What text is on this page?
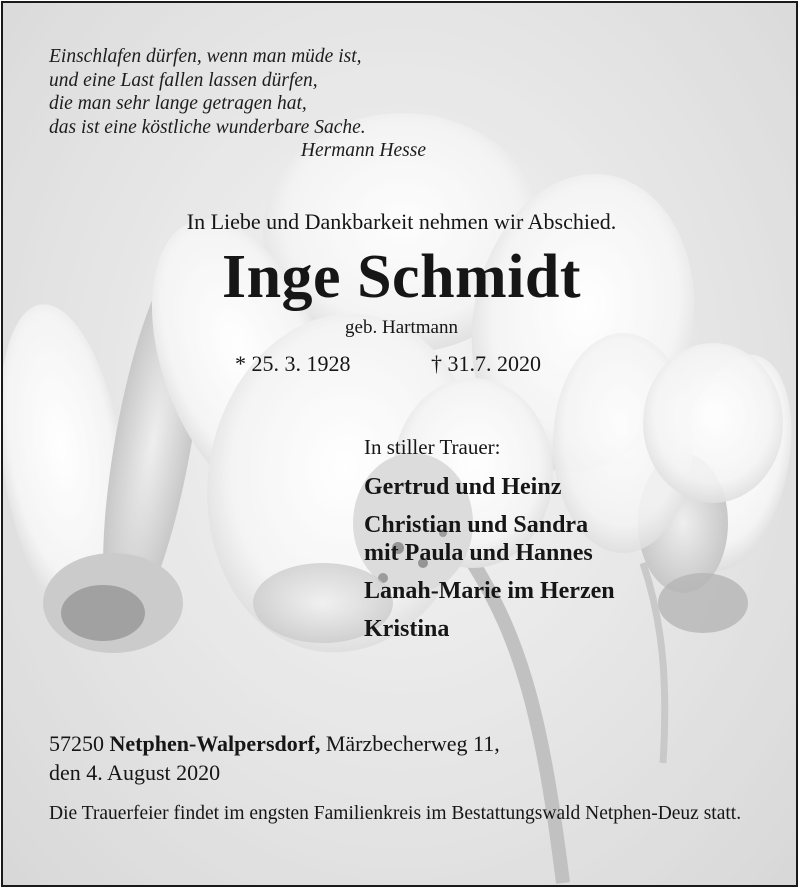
Einschlafen dürfen, wenn man müde ist,
und eine Last fallen lassen dürfen,
die man sehr lange getragen hat,
das ist eine köstliche wunderbare Sache.
Hermann Hesse

In Liebe und Dankbarkeit nehmen wir Abschied.

Inge Schmidt

geb. Hartmann

* 25. 3. 1928	† 31.7. 2020

In stiller Trauer:

Gertrud und Heinz
Christian und Sandra
mit Paula und Hannes
Lanah-Marie im Herzen
Kristina

57250 Netphen-Walpersdorf, Märzbecherweg 11,

den 4. August 2020

Die Trauerfeier findet im engsten Familienkreis im Bestattungswald Netphen-Deuz statt.
